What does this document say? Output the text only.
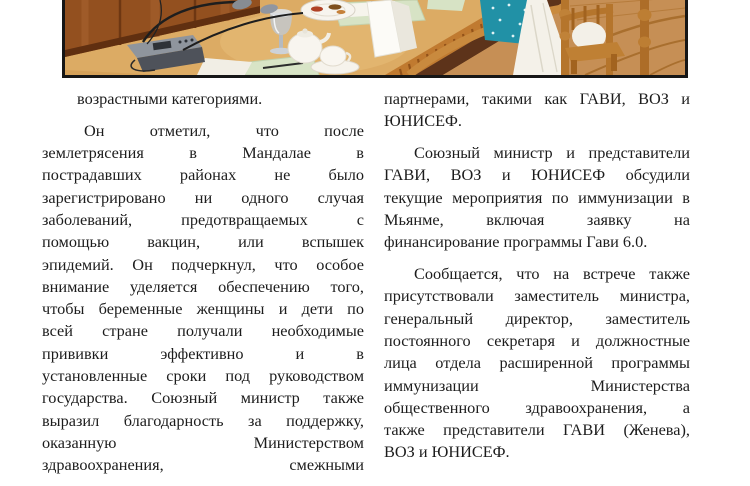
возрастными категориями.
Он отметил, что после
землетрясения в Мандалае в
пострадавших районах не было
зарегистрировано ни одного случая
заболеваний, предотвращаемых с
помощью вакцин, или вспышек
эпидемий. Он подчеркнул, что особое
внимание уделяется обеспечению того,
чтобы беременные женщины и дети по
всей стране получали необходимые
прививки эффективно и в
установленные сроки под руководством
государства. Союзный министр также
выразил благодарность за поддержку,
оказанную Министерством
здравоохранения, смежными
партнерами, такими как ГАВИ, ВОЗ и
ЮНИСЕФ.
Союзный министр и представители
ГАВИ, ВОЗ и ЮНИСЕФ обсудили
текущие мероприятия по иммунизации в
Мьянме, включая заявку на
финансирование программы Гави 6.0.
Сообщается, что на встрече также
присутствовали заместитель министра,
генеральный директор, заместитель
постоянного секретаря и должностные
лица отдела расширенной программы
иммунизации Министерства
общественного здравоохранения, а
также представители ГАВИ (Женева),
ВОЗ и ЮНИСЕФ.
